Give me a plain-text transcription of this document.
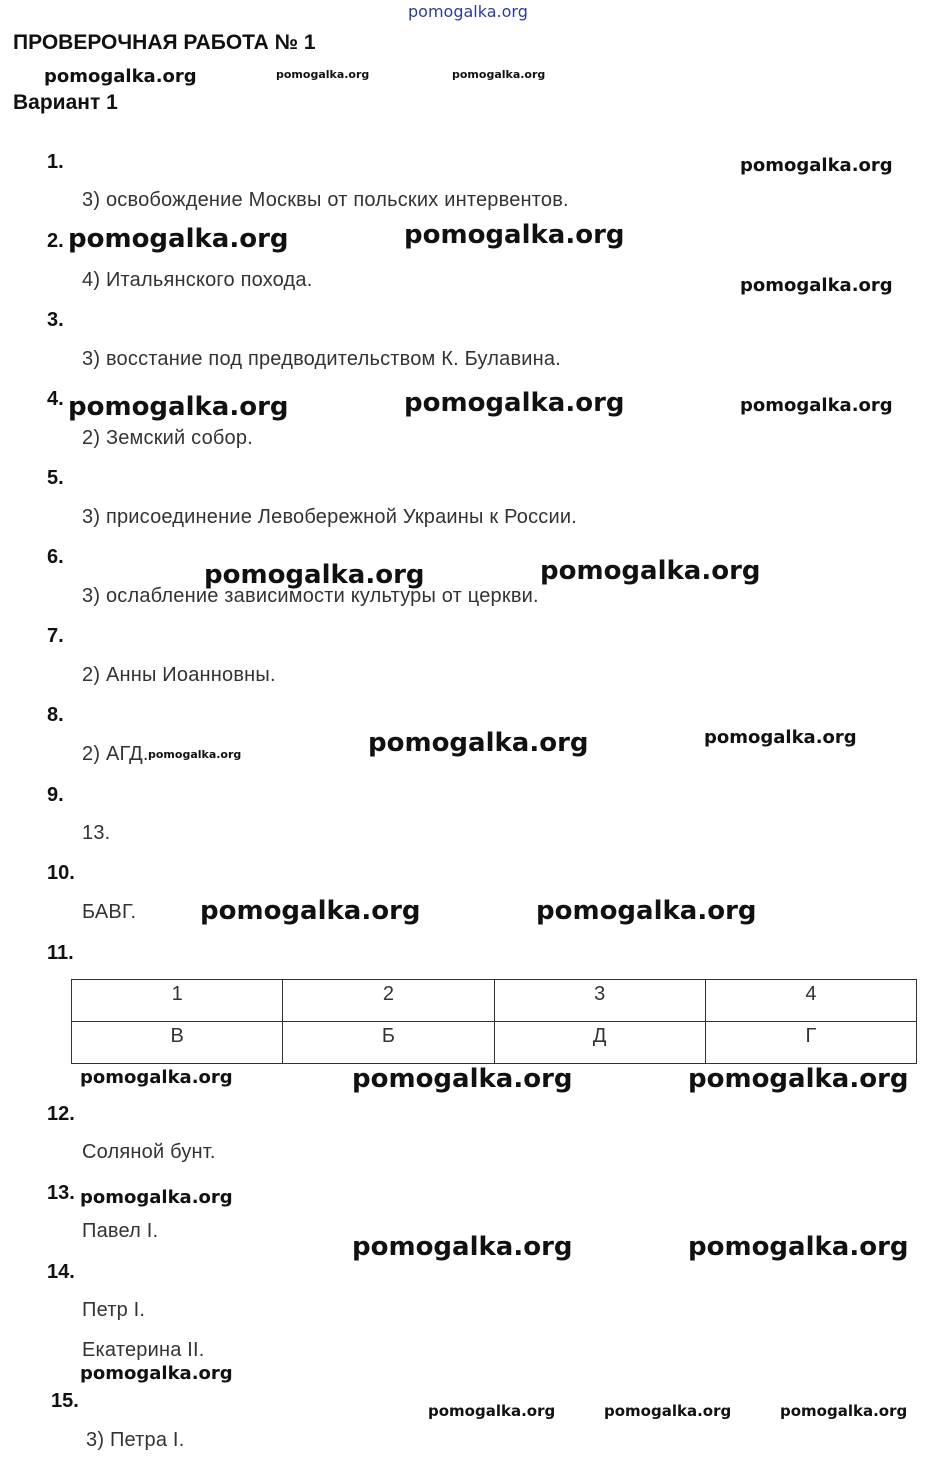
pomogalka.org
ПРОВЕРОЧНАЯ РАБОТА № 1
Вариант 1
1.
2.
3.
4.
5.
6.
7.
8.
9.
10.
11.
12.
13.
14.
15.
3) освобождение Москвы от польских интервентов.
4) Итальянского похода.
3) восстание под предводительством К. Булавина.
2) Земский собор.
3) присоединение Левобережной Украины к России.
3) ослабление зависимости культуры от церкви.
2) Анны Иоанновны.
2) АГД.
13.
БАВГ.
Соляной бунт.
Павел I.
Петр I.
Екатерина II.
3) Петра I.
1	2	3	4
В	Б	Д	Г
pomogalka.org	pomogalka.org	pomogalka.org
pomogalka.org
pomogalka.org	pomogalka.org
pomogalka.org
pomogalka.org	pomogalka.org	pomogalka.org
pomogalka.org	pomogalka.org
pomogalka.org	pomogalka.org	pomogalka.org
pomogalka.org	pomogalka.org
pomogalka.org	pomogalka.org	pomogalka.org
pomogalka.org
pomogalka.org	pomogalka.org
pomogalka.org
pomogalka.org	pomogalka.org	pomogalka.org
